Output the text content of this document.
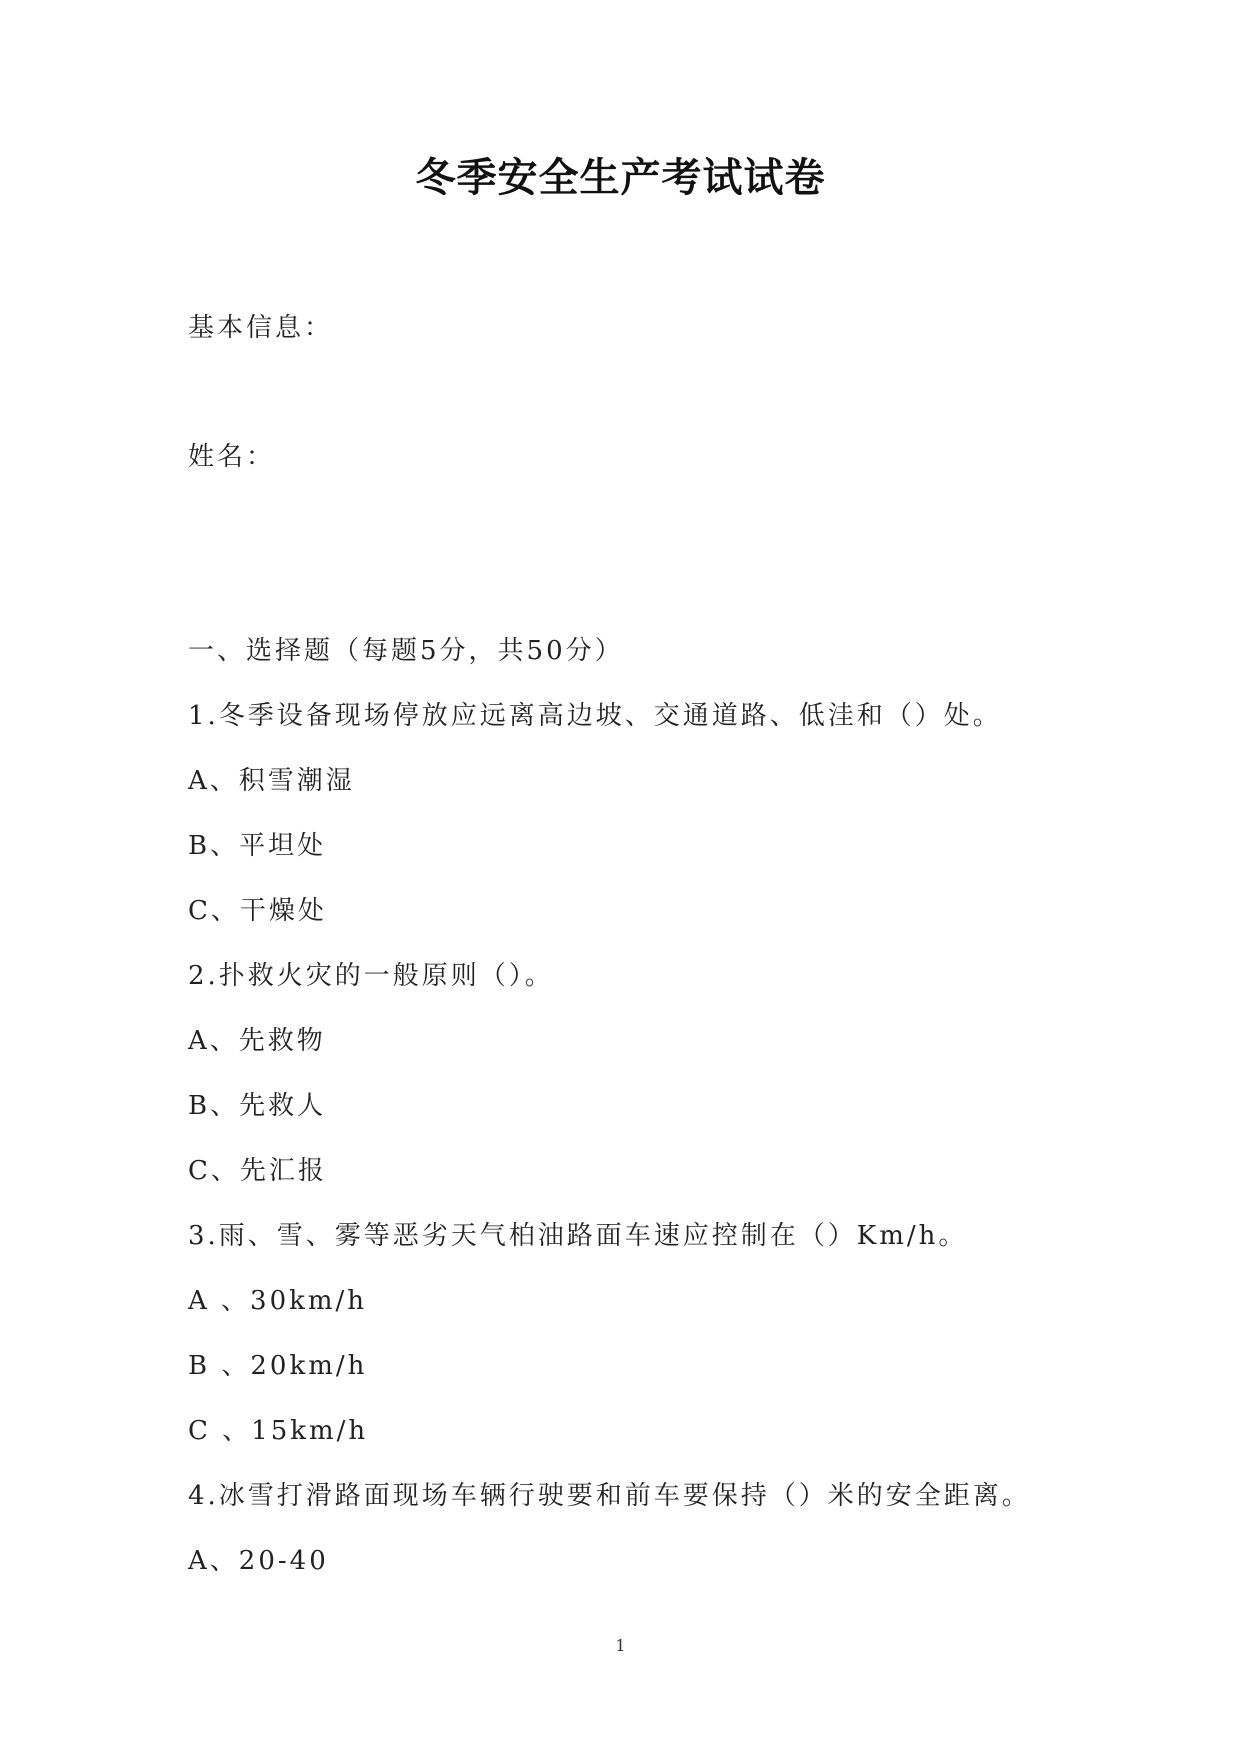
冬季安全生产考试试卷
基本信息：
姓名：
一、选择题（每题5分，共50分）
1.冬季设备现场停放应远离高边坡、交通道路、低洼和（）处。
A、积雪潮湿
B、平坦处
C、干燥处
2.扑救火灾的一般原则（）。
A、先救物
B、先救人
C、先汇报
3.雨、雪、雾等恶劣天气柏油路面车速应控制在（）Km/h。
A 、30km/h
B 、20km/h
C 、15km/h
4.冰雪打滑路面现场车辆行驶要和前车要保持（）米的安全距离。
A、20-40
1
